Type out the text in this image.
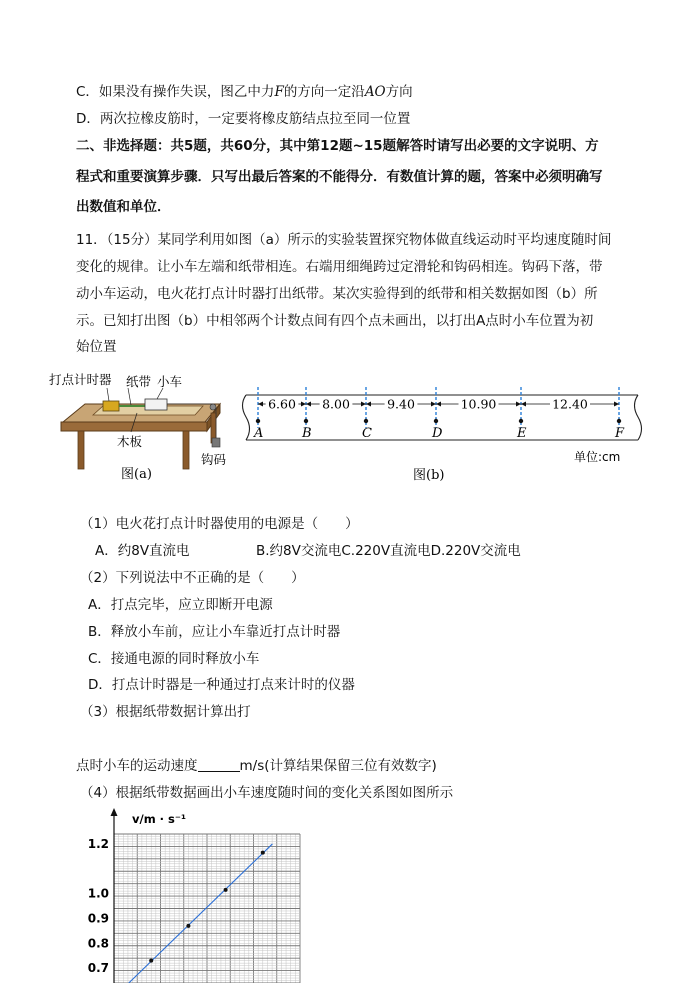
C．如果没有操作失误，图乙中力F的方向一定沿AO方向
D．两次拉橡皮筋时，一定要将橡皮筋结点拉至同一位置
二、非选择题：共5题，共60分，其中第12题~15题解答时请写出必要的文字说明、方
程式和重要演算步骤．只写出最后答案的不能得分．有数值计算的题，答案中必须明确写
出数值和单位．
11．（15分）某同学利用如图（a）所示的实验装置探究物体做直线运动时平均速度随时间
变化的规律。让小车左端和纸带相连。右端用细绳跨过定滑轮和钩码相连。钩码下落，带
动小车运动，电火花打点计时器打出纸带。某次实验得到的纸带和相关数据如图（b）所
示。已知打出图（b）中相邻两个计数点间有四个点未画出，以打出A点时小车位置为初
始位置
打点计时器 纸带 小车
木板
钩码
图(a)
A	B	C	D	E	F
6.60 8.00	9.40	10.90	12.40
单位:cm
图(b)
（1）电火花打点计时器使用的电源是（　　）
A．约8V直流电	B.约8V交流电C.220V直流电D.220V交流电
（2）下列说法中不正确的是（　　）
A．打点完毕，应立即断开电源
B．释放小车前，应让小车靠近打点计时器
C．接通电源的同时释放小车
D．打点计时器是一种通过打点来计时的仪器
（3）根据纸带数据计算出打
点时小车的运动速度	m/s(计算结果保留三位有效数字)
（4）根据纸带数据画出小车速度随时间的变化关系图如图所示
v/m · s⁻¹
1.2
1.0
0.9
0.8
0.7
